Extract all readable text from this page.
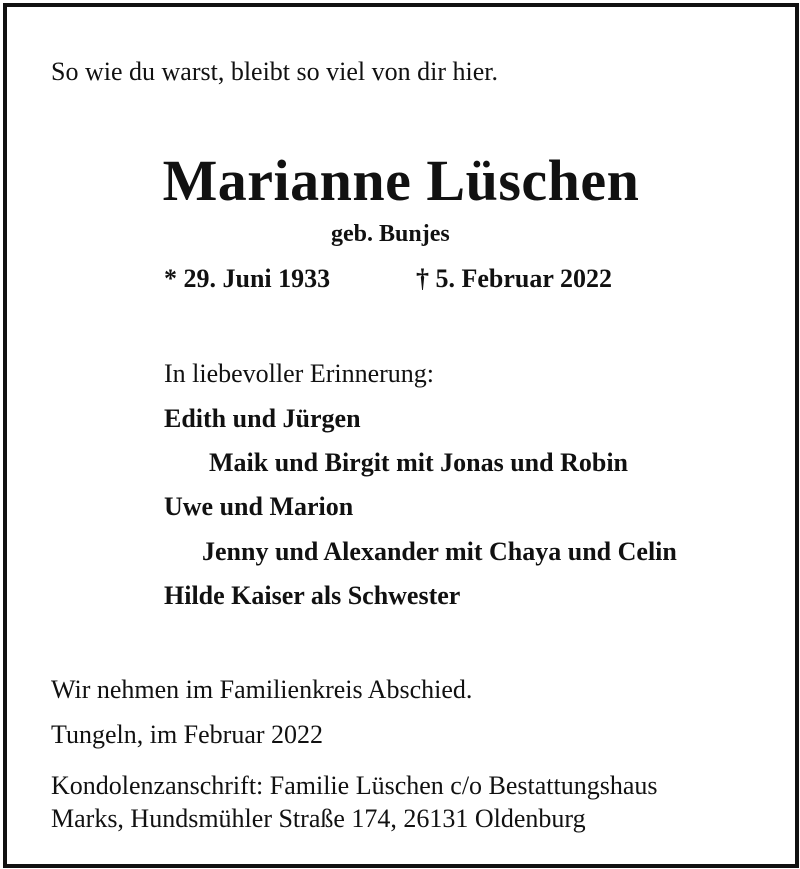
So wie du warst, bleibt so viel von dir hier.

Marianne Lüschen

geb. Bunjes

* 29. Juni 1933	† 5. Februar 2022

In liebevoller Erinnerung:

Edith und Jürgen

Maik und Birgit mit Jonas und Robin

Uwe und Marion

Jenny und Alexander mit Chaya und Celin

Hilde Kaiser als Schwester

Wir nehmen im Familienkreis Abschied.

Tungeln, im Februar 2022

Kondolenzanschrift: Familie Lüschen c/o Bestattungshaus
Marks, Hundsmühler Straße 174, 26131 Oldenburg
